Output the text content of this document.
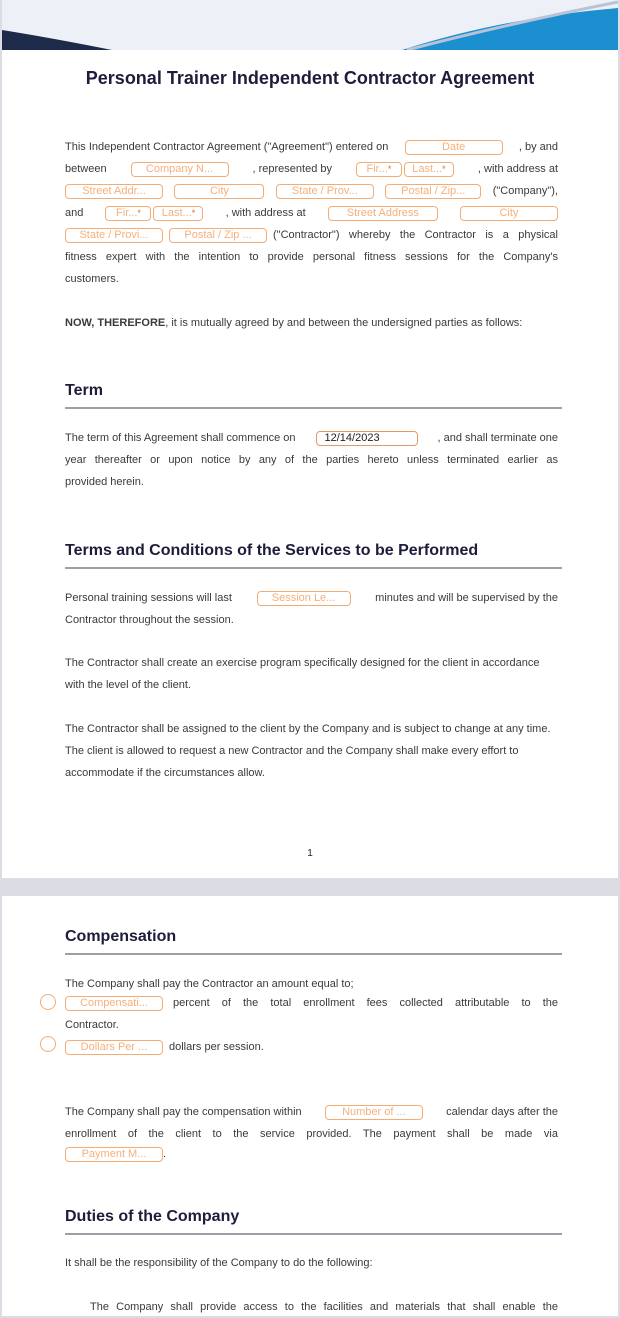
Personal Trainer Independent Contractor Agreement
This Independent Contractor Agreement ("Agreement") entered on	Date	, by and
between	Company N...	, represented by	Fir...*	Last...*	, with address at
Street Addr...	City	State / Prov...	Postal / Zip...	("Company"),
and	Fir...*	Last...*	, with address at	Street Address	City
State / Provi...	Postal / Zip ...	("Contractor") whereby the Contractor is a physical
fitness expert with the intention to provide personal fitness sessions for the Company's
customers.
NOW, THEREFORE, it is mutually agreed by and between the undersigned parties as follows:
Term
The term of this Agreement shall commence on	12/14/2023	, and shall terminate one
year thereafter or upon notice by any of the parties hereto unless terminated earlier as
provided herein.
Terms and Conditions of the Services to be Performed
Personal training sessions will last	Session Le...	minutes and will be supervised by the
Contractor throughout the session.
The Contractor shall create an exercise program specifically designed for the client in accordance with the level of the client.
The Contractor shall be assigned to the client by the Company and is subject to change at any time. The client is allowed to request a new Contractor and the Company shall make every effort to accommodate if the circumstances allow.
1
Compensation
The Company shall pay the Contractor an amount equal to;
Compensati...	percent of the total enrollment fees collected attributable to the
Contractor.
Dollars Per ...	dollars per session.
The Company shall pay the compensation within	Number of ...	calendar days after the
enrollment of the client to the service provided. The payment shall be made via
Payment M...	.
Duties of the Company
It shall be the responsibility of the Company to do the following:
The Company shall provide access to the facilities and materials that shall enable the
